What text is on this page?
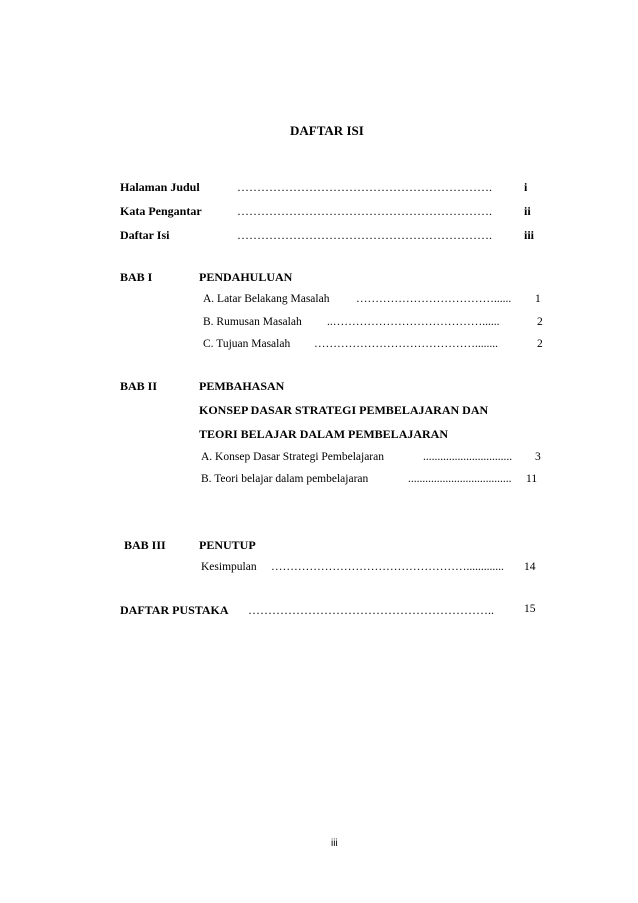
DAFTAR ISI
Halaman Judul	……………………………………………………….	i
Kata Pengantar	……………………………………………………….	ii
Daftar Isi	……………………………………………………….	iii
BAB I	PENDAHULUAN
A. Latar Belakang Masalah ………………………………...... 1
B. Rumusan Masalah ..…………………………………......	2
C. Tujuan Masalah ……………………………………........	2
BAB II	PEMBAHASAN
KONSEP DASAR STRATEGI PEMBELAJARAN DAN
TEORI BELAJAR DALAM PEMBELAJARAN
A. Konsep Dasar Strategi Pembelajaran	............................... 3
B. Teori belajar dalam pembelajaran	.................................... 11
BAB III	PENUTUP
Kesimpulan ……………………………………………............. 14
DAFTAR PUSTAKA ……………………………………………………..	15
iii
